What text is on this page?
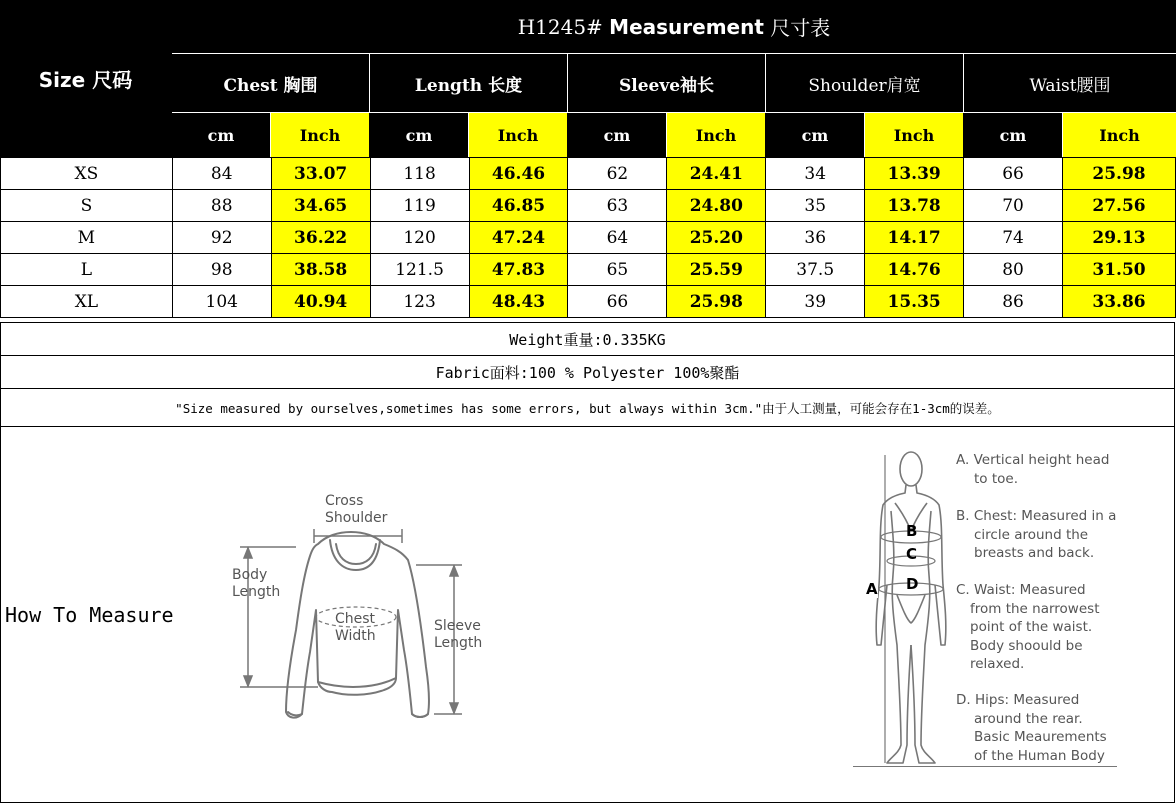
Size 尺码
H1245#
Measurement
尺寸表
Chest 胸围	Length 长度	Sleeve袖长	Shoulder肩宽	Waist腰围
cm	Inch	cm	Inch	cm	Inch	cm	Inch	cm	Inch
XS	84	33.07	118	46.46	62	24.41	34	13.39	66	25.98
S	88	34.65	119	46.85	63	24.80	35	13.78	70	27.56
M	92	36.22	120	47.24	64	25.20	36	14.17	74	29.13
L	98	38.58	121.5	47.83	65	25.59	37.5	14.76	80	31.50
XL	104	40.94	123	48.43	66	25.98	39	15.35	86	33.86
Weight重量:0.335KG
Fabric面料:100 % Polyester 100%聚酯
"Size measured by ourselves,sometimes has some errors, but always within 3cm."由于人工测量，可能会存在1-3cm的误差。
How To Measure
Cross
Shoulder
Body
Length
Chest
Width
Sleeve
Length
A
B
C
D
A. Vertical height head
to toe.
B. Chest: Measured in a
circle around the
breasts and back.
C. Waist: Measured
from the narrowest
point of the waist.
Body shoould be
relaxed.
D. Hips: Measured
around the rear.
Basic Meaurements
of the Human Body
